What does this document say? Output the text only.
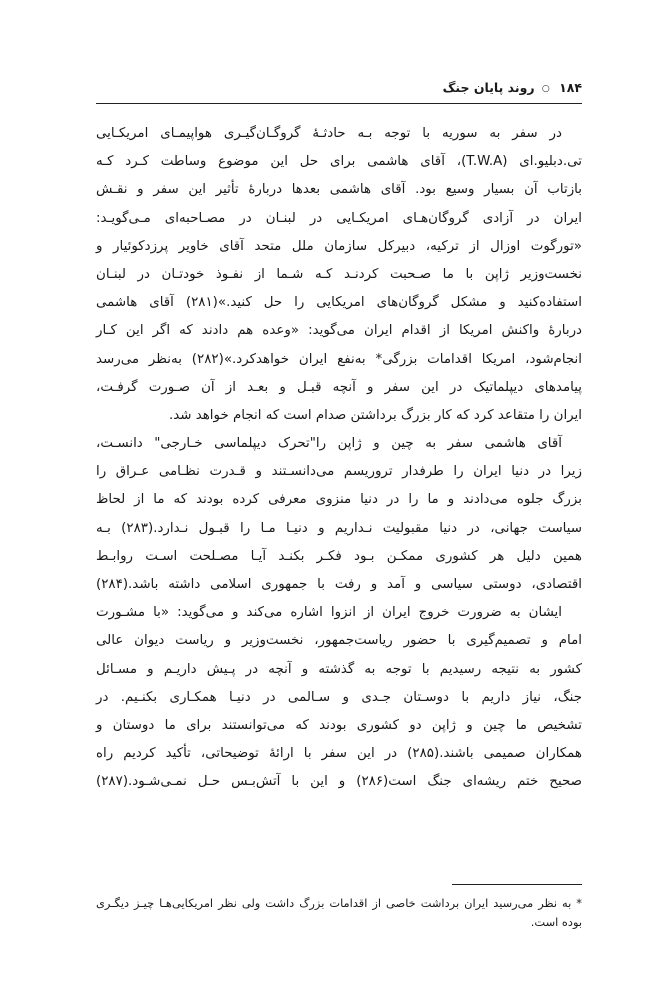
۱۸۴ ○ روند پایان جنگ
در سفر به سوریه با توجه بـه حادثـهٔ گروگـان‌گیـری هواپیمـای امریکـایی
تی.دبلیو.ای (T.W.A)، آقای هاشمی برای حل این موضوع وساطت کـرد کـه
بازتاب آن بسیار وسیع بود. آقای هاشمی بعدها دربارهٔ تأثیر این سفر و نقـش
ایران در آزادی گروگان‌هـای امریکـایی در لبنـان در مصـاحبه‌ای مـی‌گویـد:
«تورگوت اوزال از ترکیه، دبیرکل سازمان ملل متحد آقای خاویر پرزدکوئیار و
نخست‌وزیر ژاپن با ما صـحبت کردنـد کـه شـما از نفـوذ خودتـان در لبنـان
استفاده‌کنید و مشکل گروگان‌های امریکایی را حل کنید.»(۲۸۱) آقای هاشمی
دربارهٔ واکنش امریکا از اقدام ایران می‌گوید: «وعده هم دادند که اگر این کـار
انجام‌شود، امریکا اقدامات بزرگی* به‌نفع ایران خواهدکرد.»(۲۸۲) به‌نظر می‌رسد
پیامدهای دیپلماتیک در این سفر و آنچه قبـل و بعـد از آن صـورت گرفـت،
ایران را متقاعد کرد که کار بزرگ برداشتن صدام است که انجام خواهد شد.
آقای هاشمی سفر به چین و ژاپن را"تحرک دیپلماسی خـارجی" دانسـت،
زیرا در دنیا ایران را طرفدار تروریسم می‌دانسـتند و قـدرت نظـامی عـراق را
بزرگ جلوه می‌دادند و ما را در دنیا منزوی معرفی کرده بودند که ما از لحاظ
سیاست جهانی، در دنیا مقبولیت نـداریم و دنیـا مـا را قبـول نـدارد.(۲۸۳) بـه
همین دلیل هر کشوری ممکـن بـود فکـر بکنـد آیـا مصـلحت اسـت روابـط
اقتصادی، دوستی سیاسی و آمد و رفت با جمهوری اسلامی داشته باشد.(۲۸۴)
ایشان به ضرورت خروج ایران از انزوا اشاره می‌کند و می‌گوید: «با مشـورت
امام و تصمیم‌گیری با حضور ریاست‌جمهور، نخست‌وزیر و ریاست دیوان عالی
کشور به نتیجه رسیدیم با توجه به گذشته و آنچه در پـیش داریـم و مسـائل
جنگ، نیاز داریم با دوسـتان جـدی و سـالمی در دنیـا همکـاری بکنـیم. در
تشخیص ما چین و ژاپن دو کشوری بودند که می‌توانستند برای ما دوستان و
همکاران صمیمی باشند.(۲۸۵) در این سفر با ارائهٔ توضیحاتی، تأکید کردیم راه
صحیح ختم ریشه‌ای جنگ است(۲۸۶) و این با آتش‌بـس حـل نمـی‌شـود.(۲۸۷)
* به نظر می‌رسید ایران برداشت خاصی از اقدامات بزرگ داشت ولی نظر امریکایی‌هـا چیـز دیگـری
بوده است.
